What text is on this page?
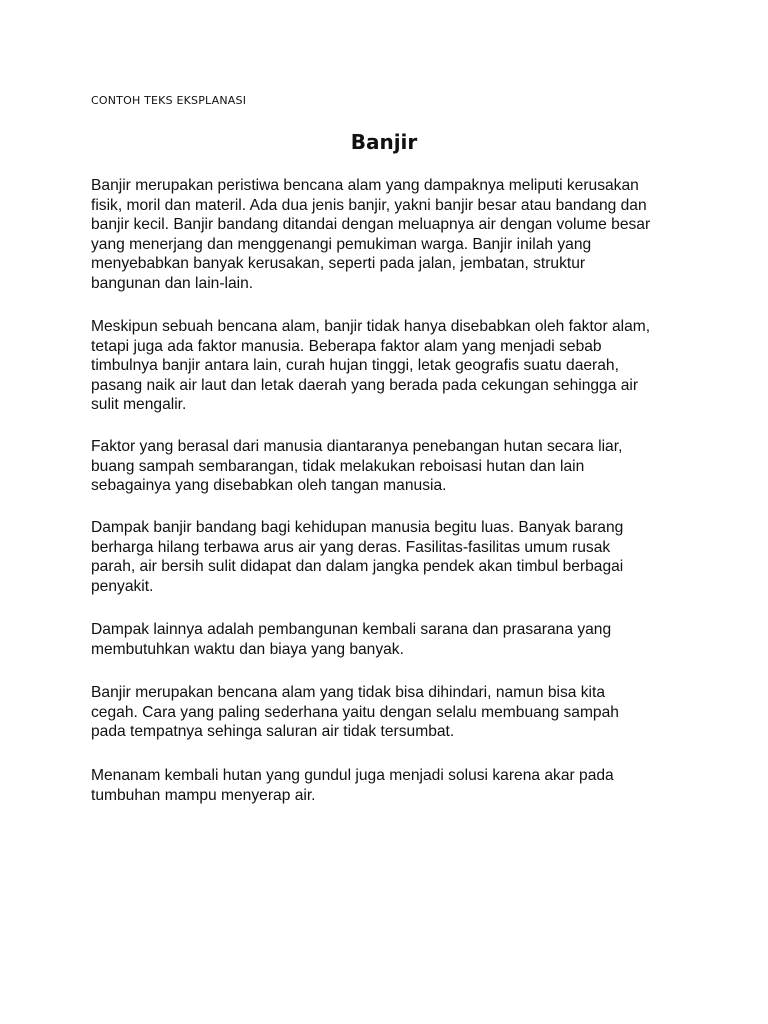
CONTOH TEKS EKSPLANASI
Banjir

Banjir merupakan peristiwa bencana alam yang dampaknya meliputi kerusakan
fisik, moril dan materil. Ada dua jenis banjir, yakni banjir besar atau bandang dan
banjir kecil. Banjir bandang ditandai dengan meluapnya air dengan volume besar
yang menerjang dan menggenangi pemukiman warga. Banjir inilah yang
menyebabkan banyak kerusakan, seperti pada jalan, jembatan, struktur
bangunan dan lain-lain.

Meskipun sebuah bencana alam, banjir tidak hanya disebabkan oleh faktor alam,
tetapi juga ada faktor manusia. Beberapa faktor alam yang menjadi sebab
timbulnya banjir antara lain, curah hujan tinggi, letak geografis suatu daerah,
pasang naik air laut dan letak daerah yang berada pada cekungan sehingga air
sulit mengalir.

Faktor yang berasal dari manusia diantaranya penebangan hutan secara liar,
buang sampah sembarangan, tidak melakukan reboisasi hutan dan lain
sebagainya yang disebabkan oleh tangan manusia.

Dampak banjir bandang bagi kehidupan manusia begitu luas. Banyak barang
berharga hilang terbawa arus air yang deras. Fasilitas-fasilitas umum rusak
parah, air bersih sulit didapat dan dalam jangka pendek akan timbul berbagai
penyakit.

Dampak lainnya adalah pembangunan kembali sarana dan prasarana yang
membutuhkan waktu dan biaya yang banyak.

Banjir merupakan bencana alam yang tidak bisa dihindari, namun bisa kita
cegah. Cara yang paling sederhana yaitu dengan selalu membuang sampah
pada tempatnya sehinga saluran air tidak tersumbat.

Menanam kembali hutan yang gundul juga menjadi solusi karena akar pada
tumbuhan mampu menyerap air.
